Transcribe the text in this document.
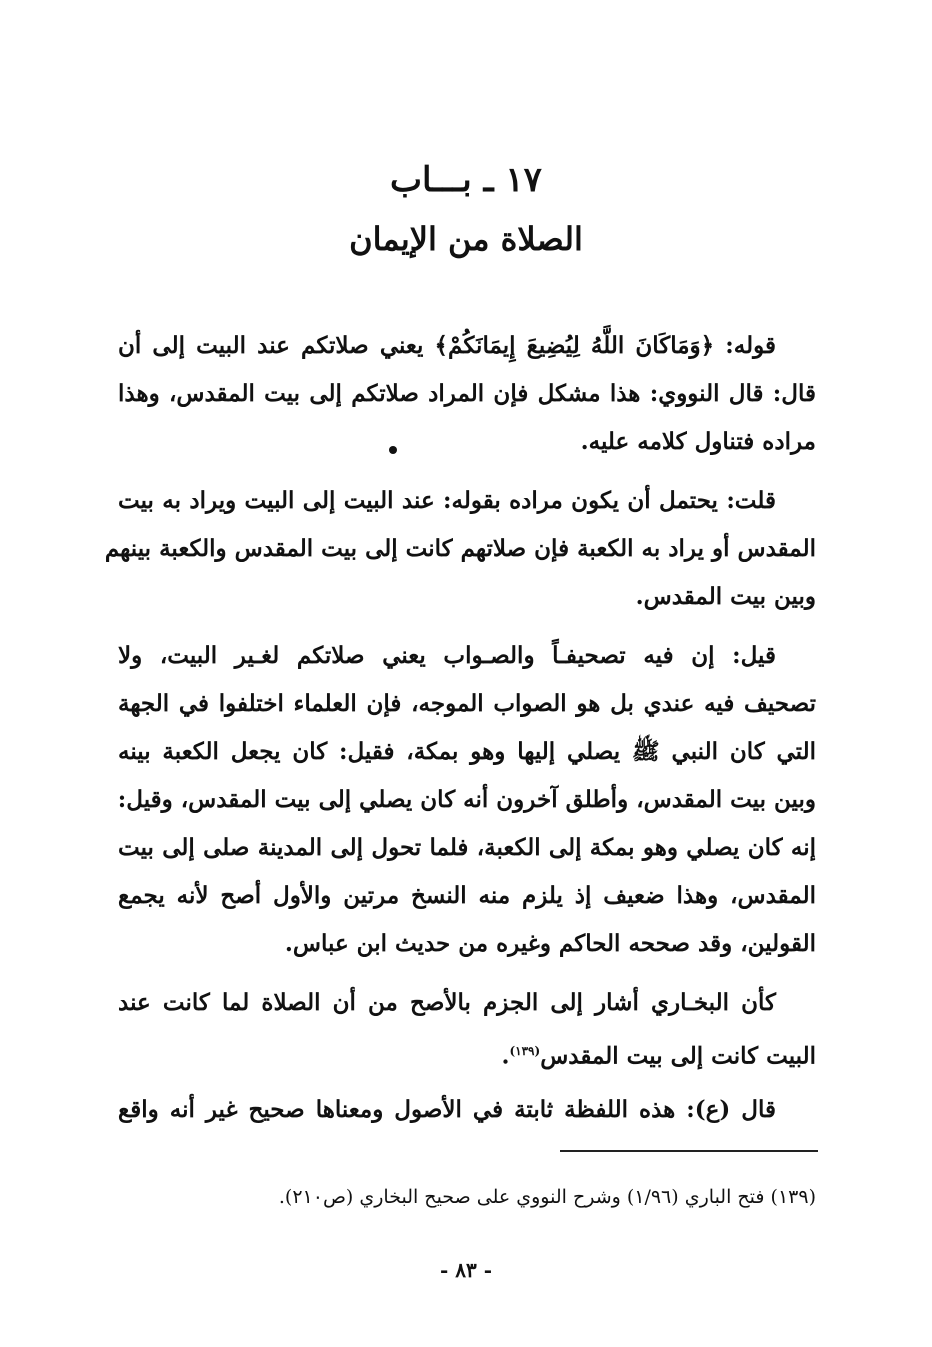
١٧ ـ بـــاب
الصلاة من الإيمان
قوله: ﴿وَمَاكَانَ اللَّهُ لِيُضِيعَ إِيمَانَكُمْ﴾ يعني صلاتكم عند البيت إلى أن
قال: قال النووي: هذا مشكل فإن المراد صلاتكم إلى بيت المقدس، وهذا
مراده فتناول كلامه عليه.
قلت: يحتمل أن يكون مراده بقوله: عند البيت إلى البيت ويراد به بيت
المقدس أو يراد به الكعبة فإن صلاتهم كانت إلى بيت المقدس والكعبة بينهم
وبين بيت المقدس.
قيل: إن فيه تصحيفـاً والصـواب يعني صلاتكم لغـير البيت، ولا
تصحيف فيه عندي بل هو الصواب الموجه، فإن العلماء اختلفوا في الجهة
التي كان النبي ﷺ يصلي إليها وهو بمكة، فقيل: كان يجعل الكعبة بينه
وبين بيت المقدس، وأطلق آخرون أنه كان يصلي إلى بيت المقدس، وقيل:
إنه كان يصلي وهو بمكة إلى الكعبة، فلما تحول إلى المدينة صلى إلى بيت
المقدس، وهذا ضعيف إذ يلزم منه النسخ مرتين والأول أصح لأنه يجمع
القولين، وقد صححه الحاكم وغيره من حديث ابن عباس.
كأن البخـاري أشار إلى الجزم بالأصح من أن الصلاة لما كانت عند
البيت كانت إلى بيت المقدس$^{(١٣٩)}$.
قال (ع): هذه اللفظة ثابتة في الأصول ومعناها صحيح غير أنه واقع
(١٣٩) فتح الباري (١/٩٦) وشرح النووي على صحيح البخاري (ص٢١٠).
- ٨٣ -
